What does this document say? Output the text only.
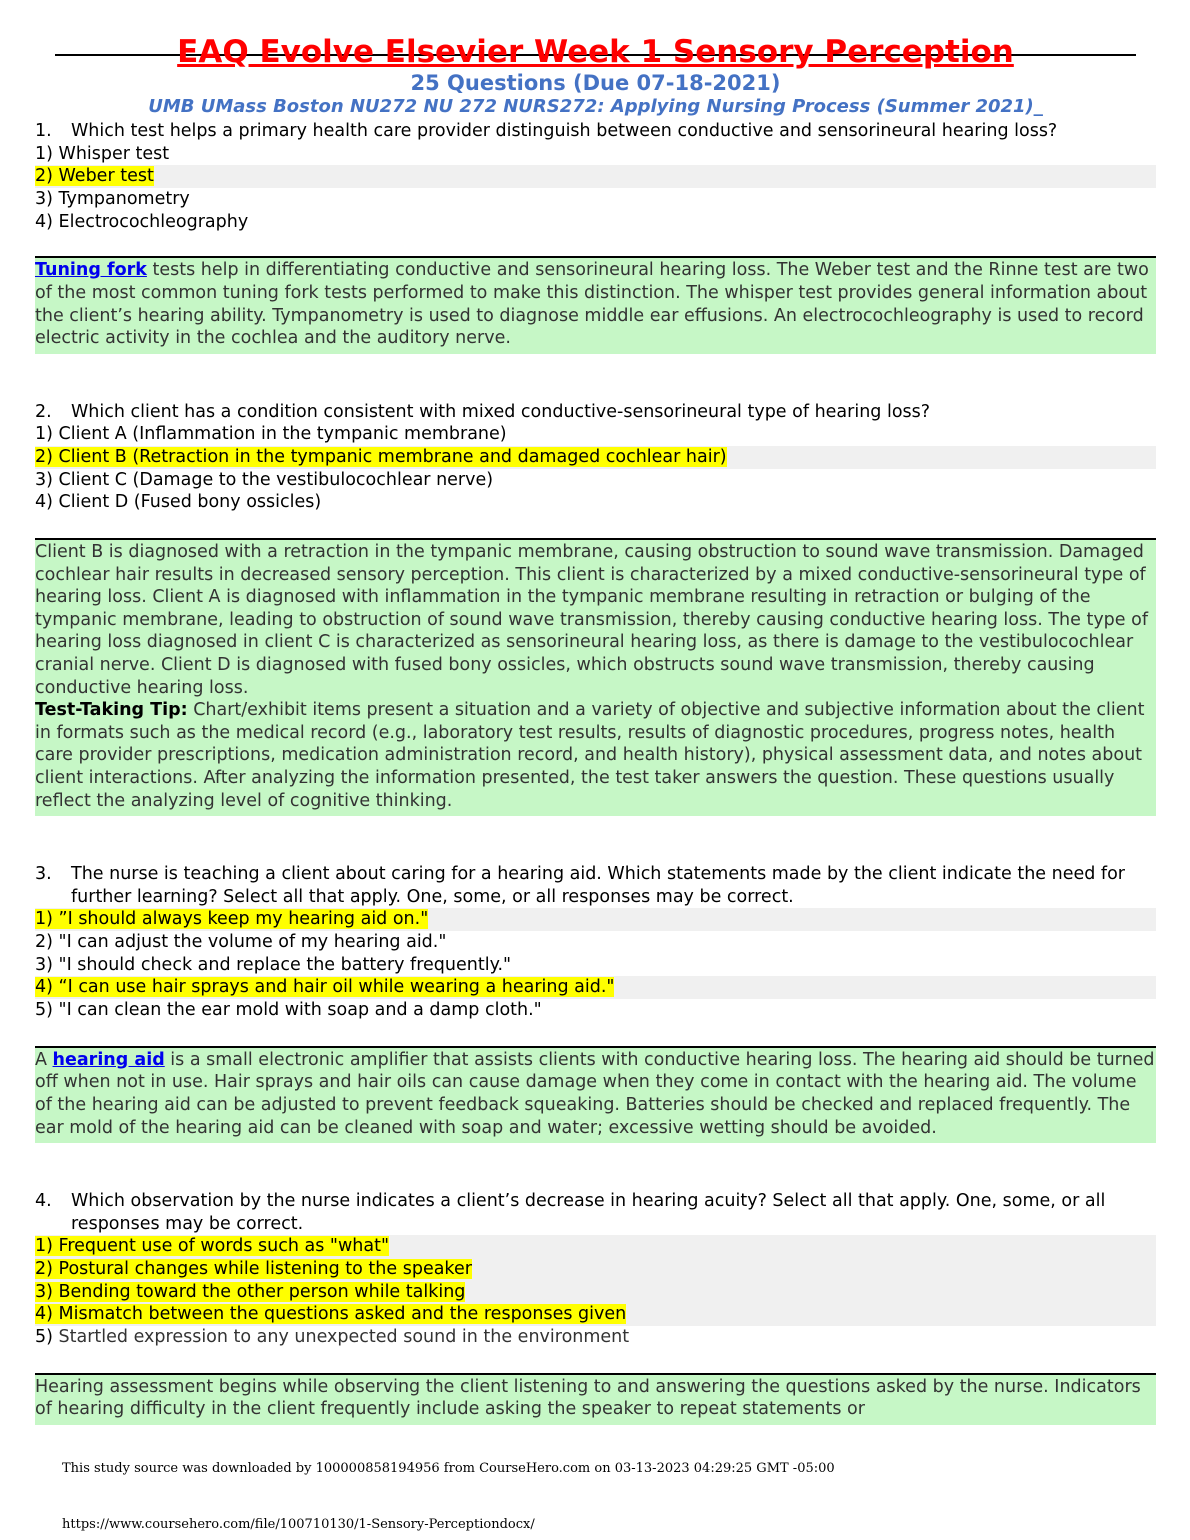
EAQ Evolve Elsevier Week 1 Sensory Perception
25 Questions (Due 07-18-2021)
UMB UMass Boston NU272 NU 272 NURS272: Applying Nursing Process (Summer 2021)_
1. Which test helps a primary health care provider distinguish between conductive and sensorineural hearing loss?
1) Whisper test
2) Weber test
3) Tympanometry
4) Electrocochleography
Tuning fork tests help in differentiating conductive and sensorineural hearing loss. The Weber test and the Rinne test are two of the most common tuning fork tests performed to make this distinction. The whisper test provides general information about the client’s hearing ability. Tympanometry is used to diagnose middle ear effusions. An electrocochleography is used to record electric activity in the cochlea and the auditory nerve.
2. Which client has a condition consistent with mixed conductive-sensorineural type of hearing loss?
1) Client A (Inflammation in the tympanic membrane)
2) Client B (Retraction in the tympanic membrane and damaged cochlear hair)
3) Client C (Damage to the vestibulocochlear nerve)
4) Client D (Fused bony ossicles)
Client B is diagnosed with a retraction in the tympanic membrane, causing obstruction to sound wave transmission. Damaged cochlear hair results in decreased sensory perception. This client is characterized by a mixed conductive-sensorineural type of hearing loss. Client A is diagnosed with inflammation in the tympanic membrane resulting in retraction or bulging of the tympanic membrane, leading to obstruction of sound wave transmission, thereby causing conductive hearing loss. The type of hearing loss diagnosed in client C is characterized as sensorineural hearing loss, as there is damage to the vestibulocochlear cranial nerve. Client D is diagnosed with fused bony ossicles, which obstructs sound wave transmission, thereby causing conductive hearing loss.
Test-Taking Tip: Chart/exhibit items present a situation and a variety of objective and subjective information about the client in formats such as the medical record (e.g., laboratory test results, results of diagnostic procedures, progress notes, health care provider prescriptions, medication administration record, and health history), physical assessment data, and notes about client interactions. After analyzing the information presented, the test taker answers the question. These questions usually reflect the analyzing level of cognitive thinking.
3. The nurse is teaching a client about caring for a hearing aid. Which statements made by the client indicate the need for further learning? Select all that apply. One, some, or all responses may be correct.
1) ”I should always keep my hearing aid on."
2) "I can adjust the volume of my hearing aid."
3) "I should check and replace the battery frequently."
4) “I can use hair sprays and hair oil while wearing a hearing aid."
5) "I can clean the ear mold with soap and a damp cloth."
A hearing aid is a small electronic amplifier that assists clients with conductive hearing loss. The hearing aid should be turned off when not in use. Hair sprays and hair oils can cause damage when they come in contact with the hearing aid. The volume of the hearing aid can be adjusted to prevent feedback squeaking. Batteries should be checked and replaced frequently. The ear mold of the hearing aid can be cleaned with soap and water; excessive wetting should be avoided.
4. Which observation by the nurse indicates a client’s decrease in hearing acuity? Select all that apply. One, some, or all responses may be correct.
1) Frequent use of words such as "what"
2) Postural changes while listening to the speaker
3) Bending toward the other person while talking
4) Mismatch between the questions asked and the responses given
5) Startled expression to any unexpected sound in the environment
Hearing assessment begins while observing the client listening to and answering the questions asked by the nurse. Indicators of hearing difficulty in the client frequently include asking the speaker to repeat statements or
This study source was downloaded by 100000858194956 from CourseHero.com on 03-13-2023 04:29:25 GMT -05:00
https://www.coursehero.com/file/100710130/1-Sensory-Perceptiondocx/
